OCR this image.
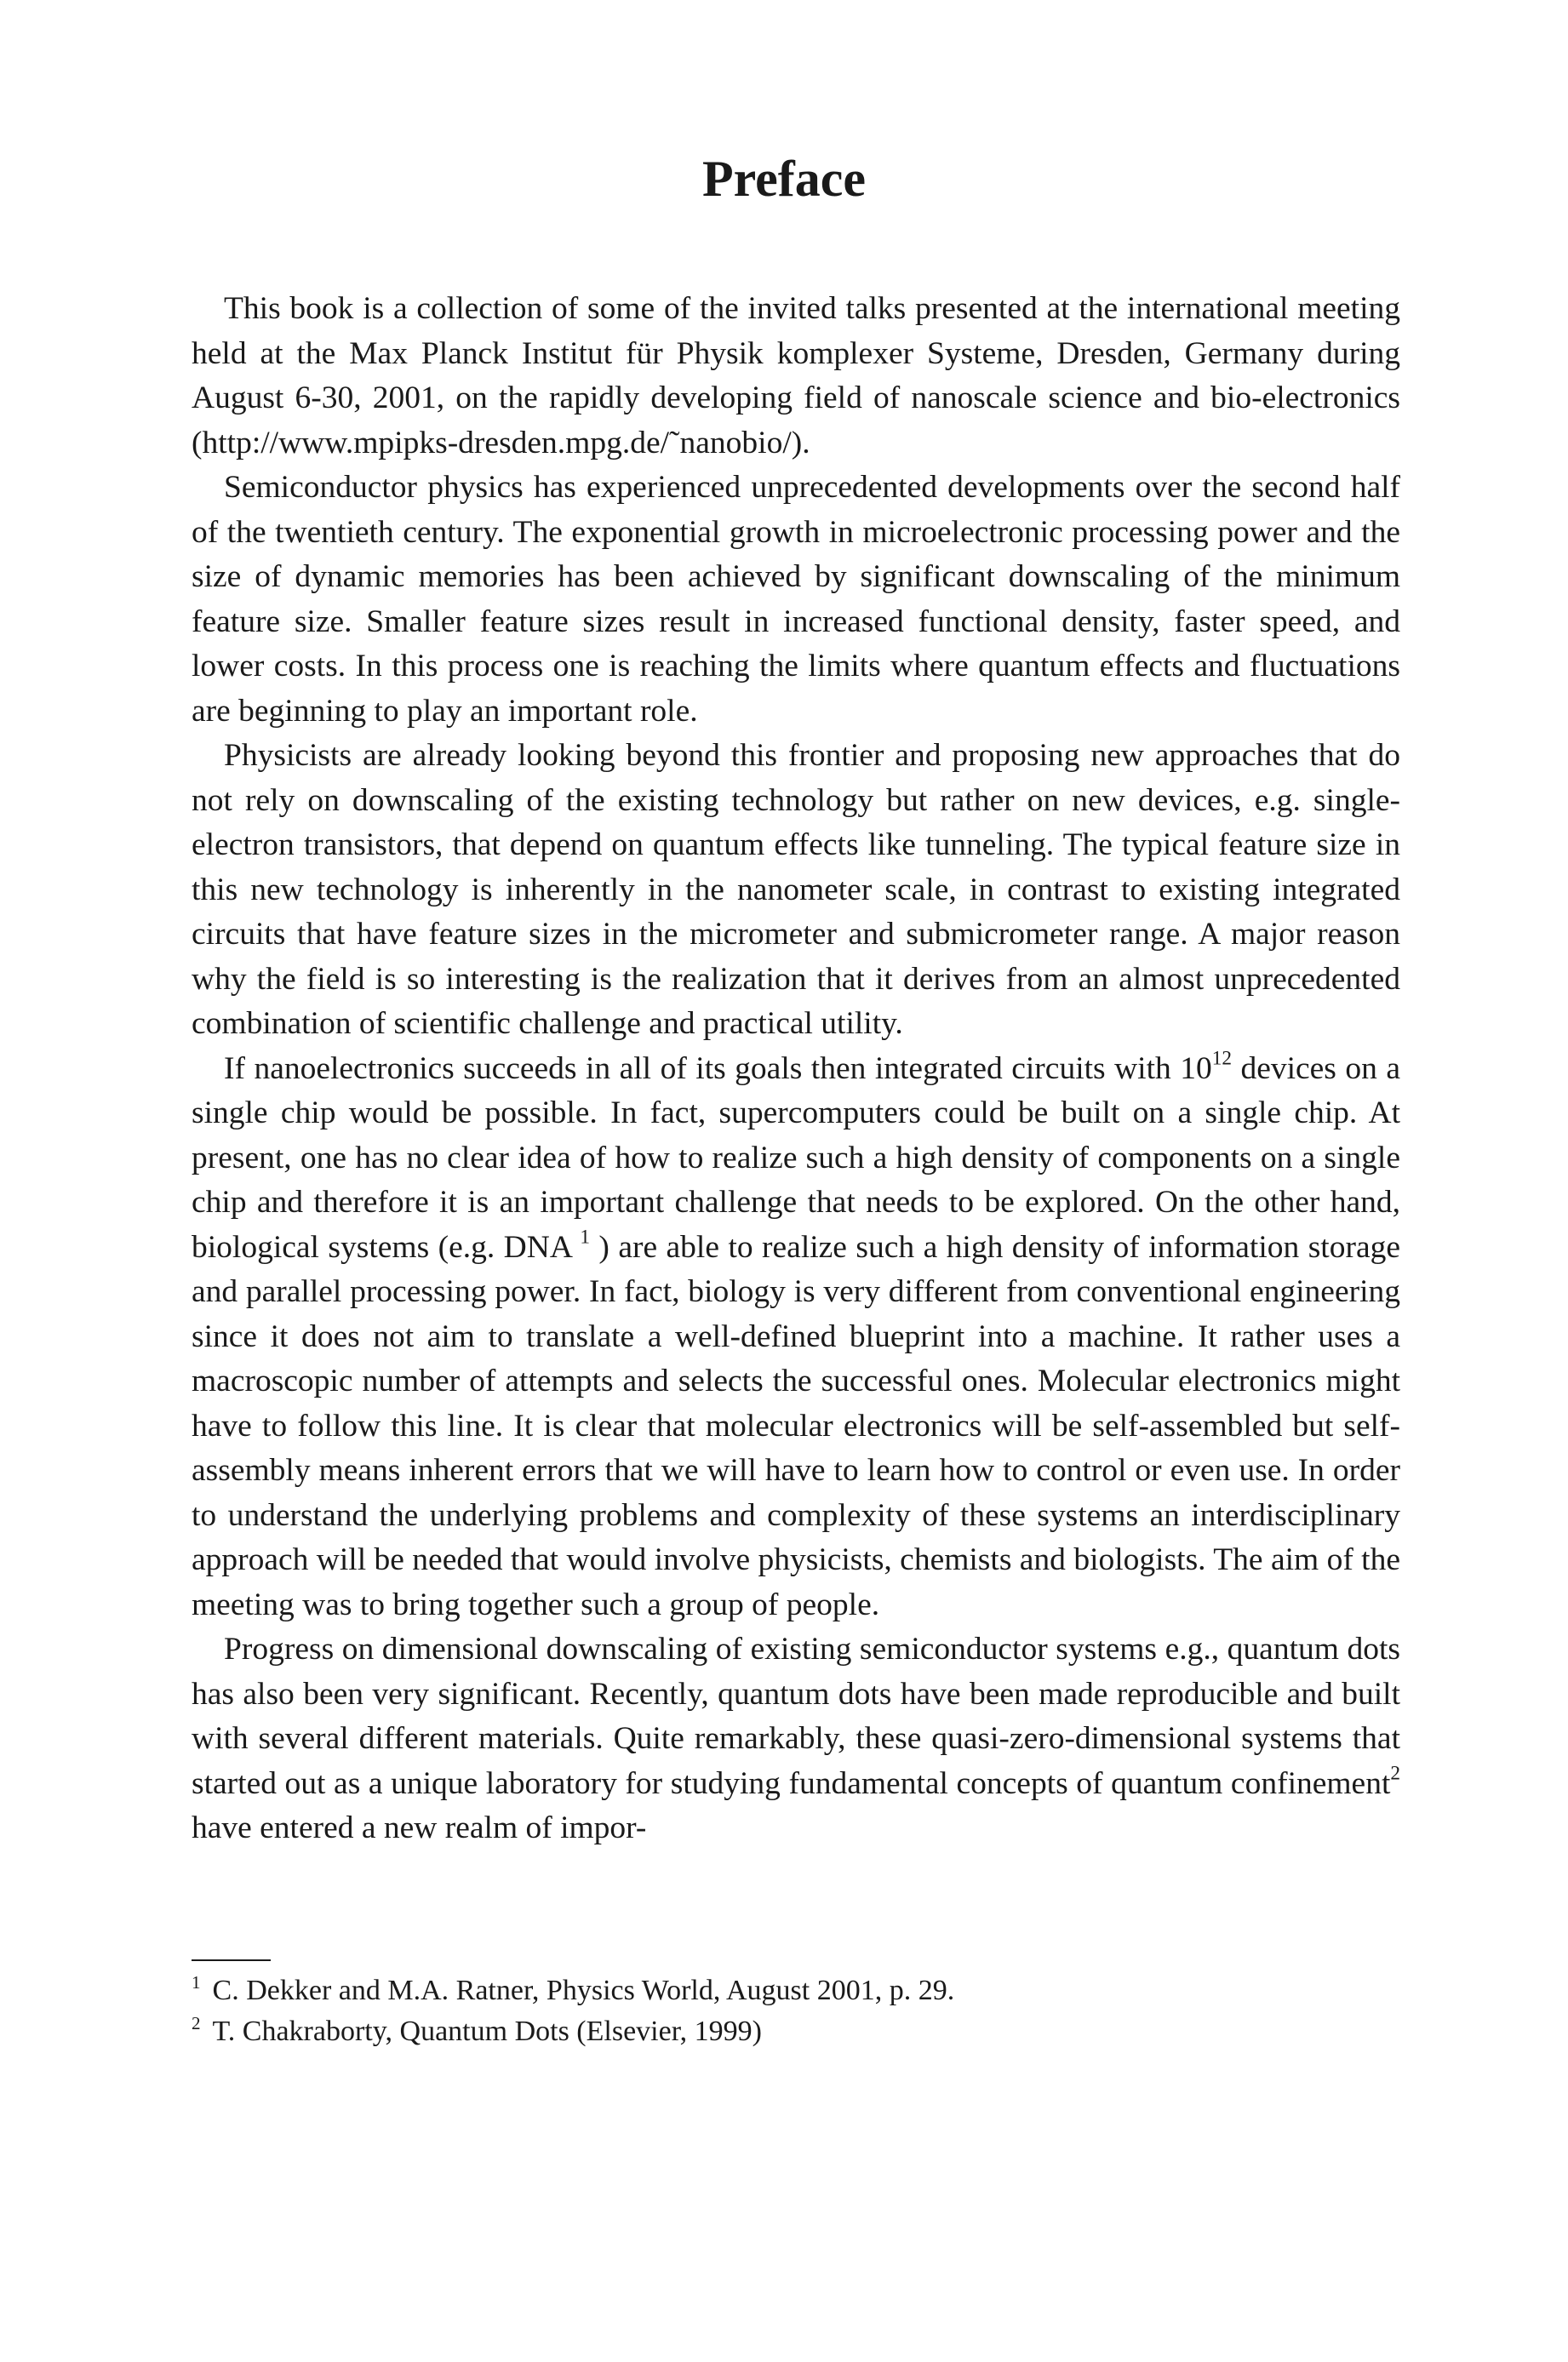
Preface

This book is a collection of some of the invited talks presented at the international meeting held at the Max Planck Institut für Physik komplexer Systeme, Dresden, Germany during August 6-30, 2001, on the rapidly developing field of nanoscale science and bio-electronics (http://www.mpipks-dresden.mpg.de/˜nanobio/).

Semiconductor physics has experienced unprecedented developments over the second half of the twentieth century. The exponential growth in microelectronic processing power and the size of dynamic memories has been achieved by significant downscaling of the minimum feature size. Smaller feature sizes result in increased functional density, faster speed, and lower costs. In this process one is reaching the limits where quantum effects and fluctuations are beginning to play an important role.

Physicists are already looking beyond this frontier and proposing new approaches that do not rely on downscaling of the existing technology but rather on new devices, e.g. single-electron transistors, that depend on quantum effects like tunneling. The typical feature size in this new technology is inherently in the nanometer scale, in contrast to existing integrated circuits that have feature sizes in the micrometer and submicrometer range. A major reason why the field is so interesting is the realization that it derives from an almost unprecedented combination of scientific challenge and practical utility.

If nanoelectronics succeeds in all of its goals then integrated circuits with $10^{12}$ devices on a single chip would be possible. In fact, supercomputers could be built on a single chip. At present, one has no clear idea of how to realize such a high density of components on a single chip and therefore it is an important challenge that needs to be explored. On the other hand, biological systems (e.g. DNA $^1$ ) are able to realize such a high density of information storage and parallel processing power. In fact, biology is very different from conventional engineering since it does not aim to translate a well-defined blueprint into a machine. It rather uses a macroscopic number of attempts and selects the successful ones. Molecular electronics might have to follow this line. It is clear that molecular electronics will be self-assembled but self-assembly means inherent errors that we will have to learn how to control or even use. In order to understand the underlying problems and complexity of these systems an interdisciplinary approach will be needed that would involve physicists, chemists and biologists. The aim of the meeting was to bring together such a group of people.

Progress on dimensional downscaling of existing semiconductor systems e.g., quantum dots has also been very significant. Recently, quantum dots have been made reproducible and built with several different materials. Quite remarkably, these quasi-zero-dimensional systems that started out as a unique laboratory for studying fundamental concepts of quantum confinement$^2$ have entered a new realm of impor-

$^1$ C. Dekker and M.A. Ratner, Physics World, August 2001, p. 29.

$^2$ T. Chakraborty, Quantum Dots (Elsevier, 1999)
